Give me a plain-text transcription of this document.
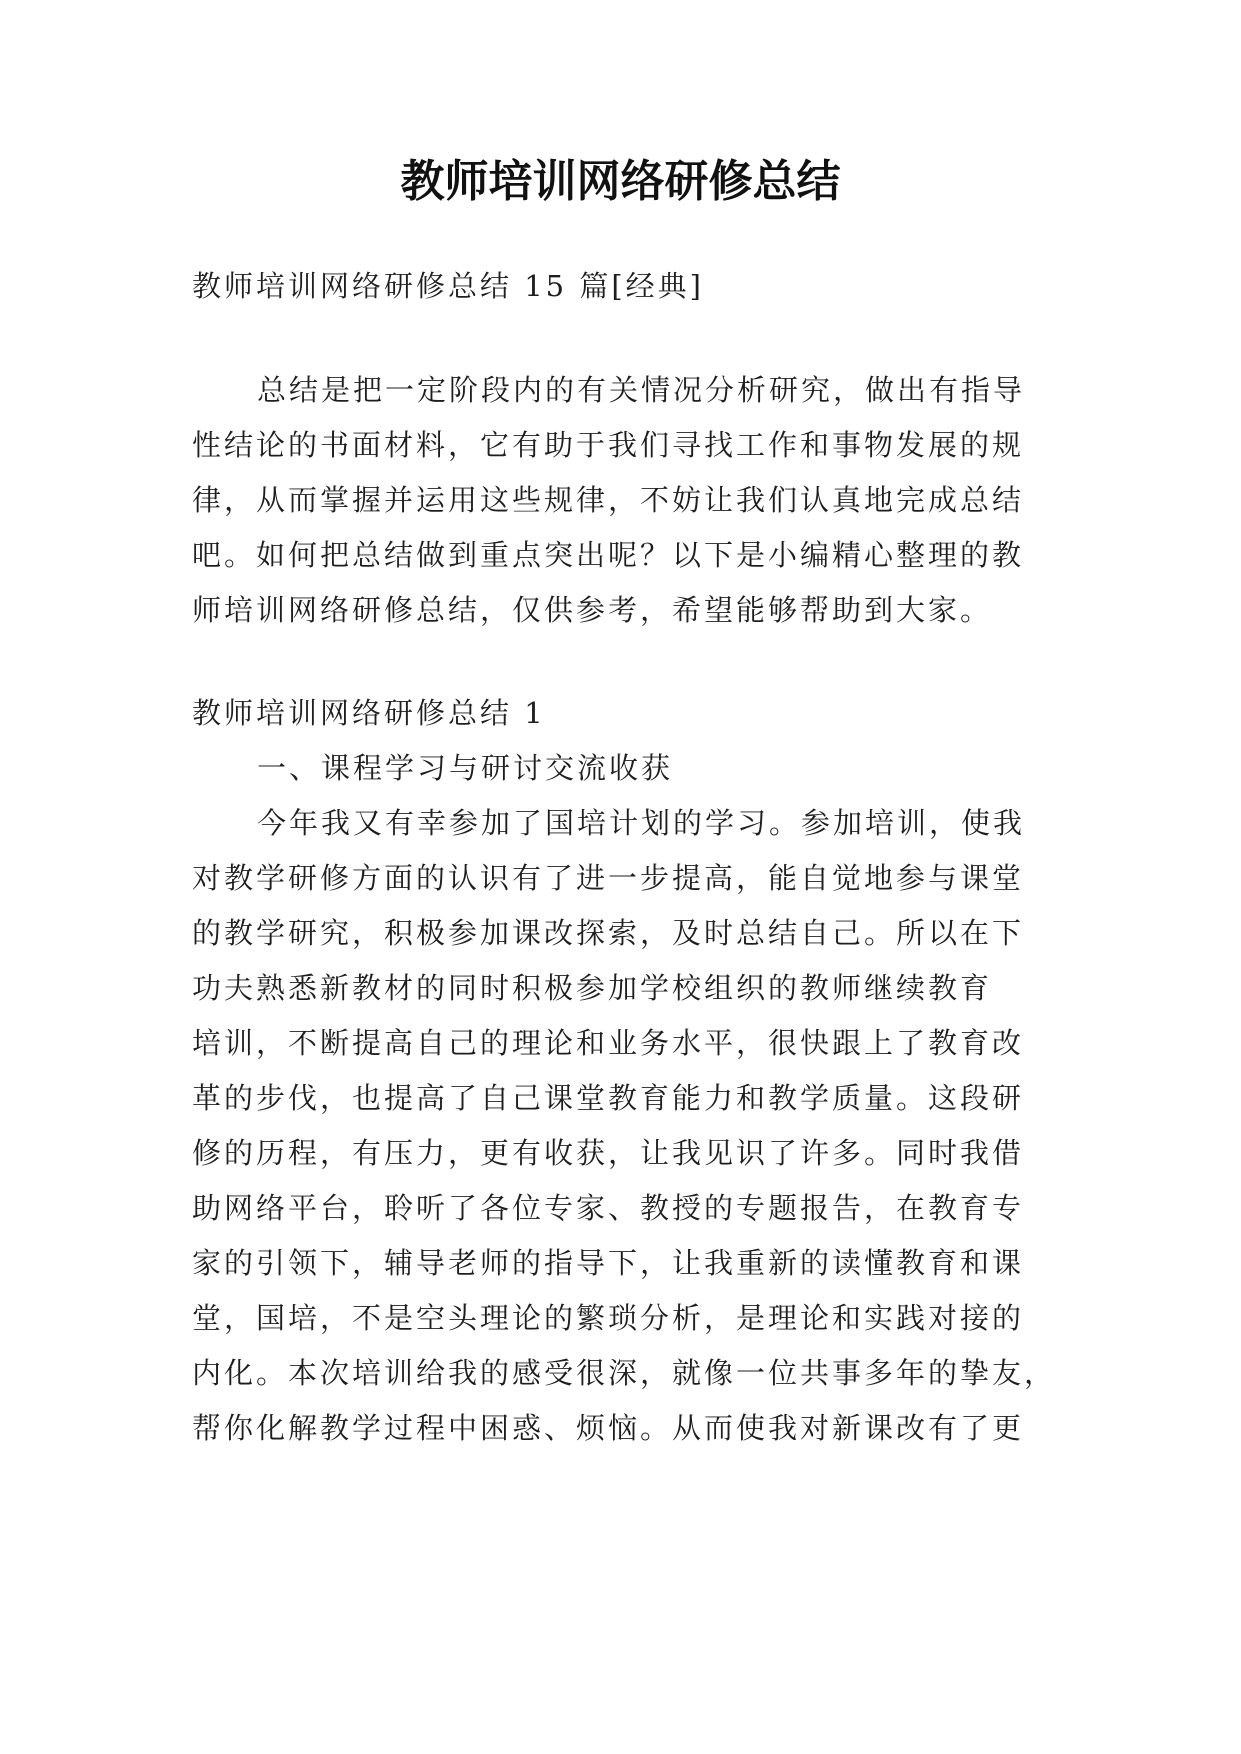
教师培训网络研修总结
教师培训网络研修总结 15 篇[经典]
总结是把一定阶段内的有关情况分析研究，做出有指导
性结论的书面材料，它有助于我们寻找工作和事物发展的规
律，从而掌握并运用这些规律，不妨让我们认真地完成总结
吧。如何把总结做到重点突出呢？以下是小编精心整理的教
师培训网络研修总结，仅供参考，希望能够帮助到大家。
教师培训网络研修总结 1
一、课程学习与研讨交流收获
今年我又有幸参加了国培计划的学习。参加培训，使我
对教学研修方面的认识有了进一步提高，能自觉地参与课堂
的教学研究，积极参加课改探索，及时总结自己。所以在下
功夫熟悉新教材的同时积极参加学校组织的教师继续教育
培训，不断提高自己的理论和业务水平，很快跟上了教育改
革的步伐，也提高了自己课堂教育能力和教学质量。这段研
修的历程，有压力，更有收获，让我见识了许多。同时我借
助网络平台，聆听了各位专家、教授的专题报告，在教育专
家的引领下，辅导老师的指导下，让我重新的读懂教育和课
堂，国培，不是空头理论的繁琐分析，是理论和实践对接的
内化。本次培训给我的感受很深，就像一位共事多年的挚友，
帮你化解教学过程中困惑、烦恼。从而使我对新课改有了更
